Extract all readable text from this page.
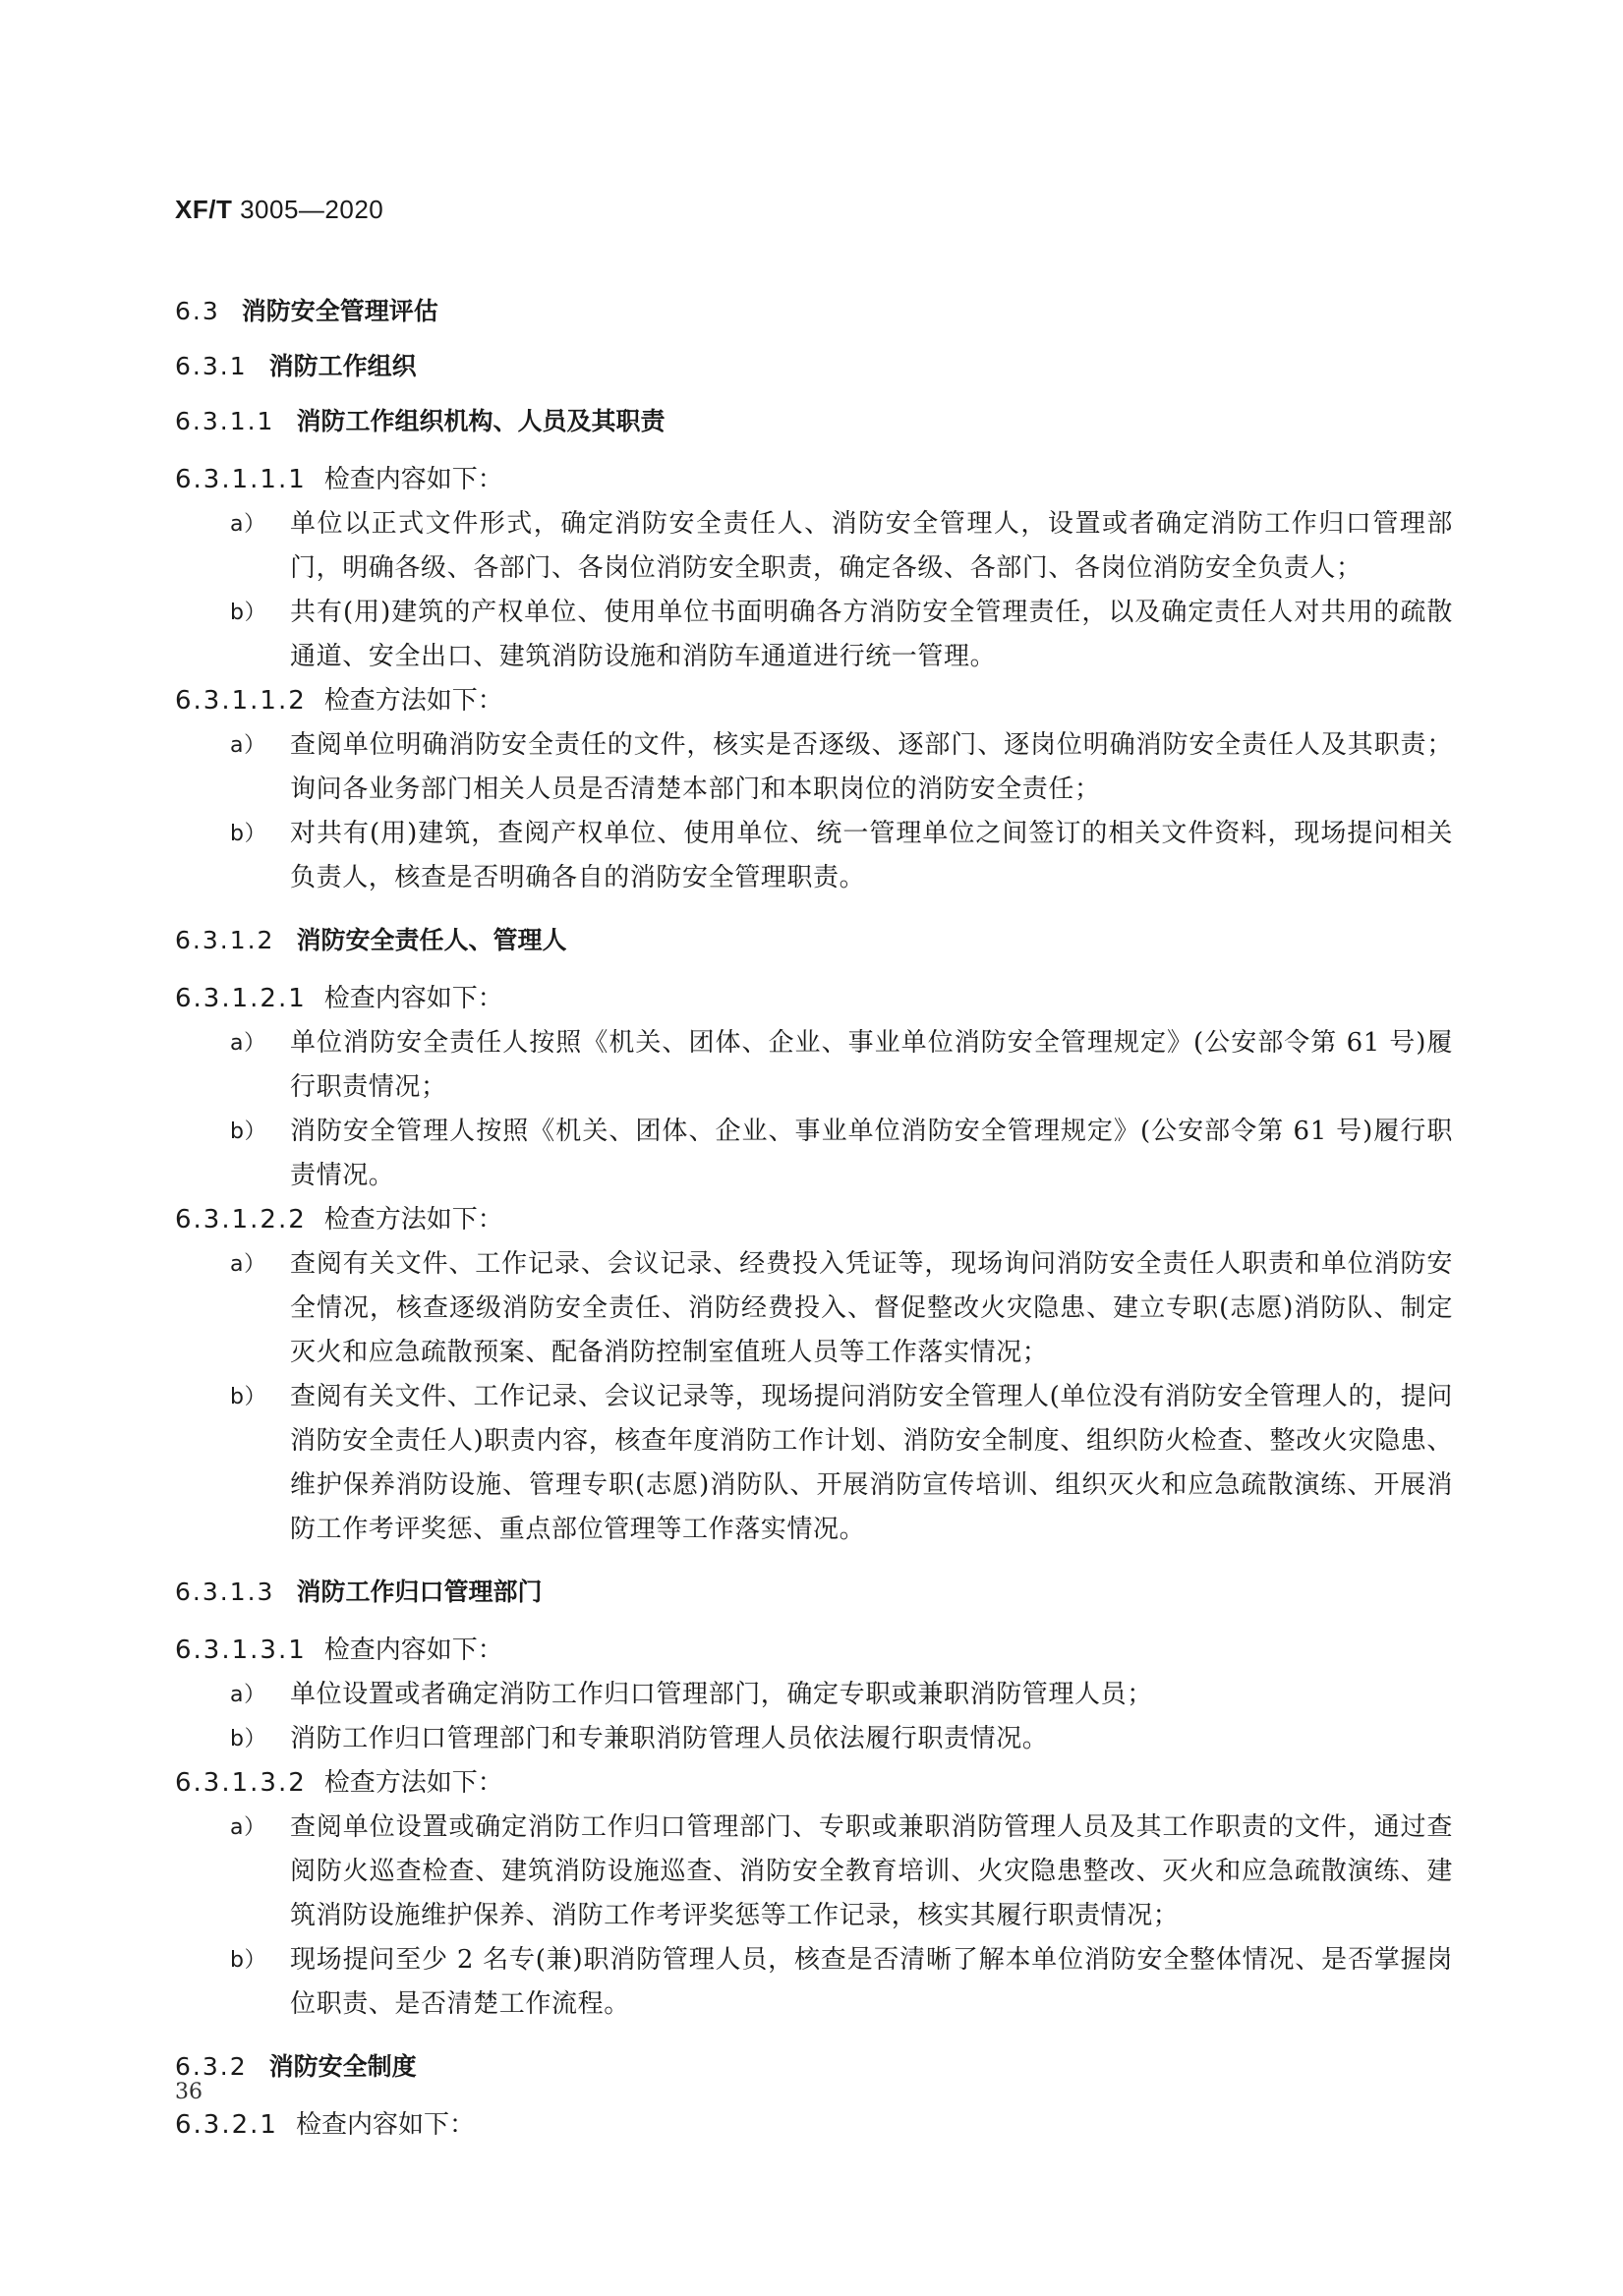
XF/T 3005—2020
6.3 消防安全管理评估
6.3.1 消防工作组织
6.3.1.1 消防工作组织机构、人员及其职责
6.3.1.1.1 检查内容如下：
a） 单位以正式文件形式，确定消防安全责任人、消防安全管理人，设置或者确定消防工作归口管理部门，明确各级、各部门、各岗位消防安全职责，确定各级、各部门、各岗位消防安全负责人；
b） 共有(用)建筑的产权单位、使用单位书面明确各方消防安全管理责任，以及确定责任人对共用的疏散通道、安全出口、建筑消防设施和消防车通道进行统一管理。
6.3.1.1.2 检查方法如下：
a） 查阅单位明确消防安全责任的文件，核实是否逐级、逐部门、逐岗位明确消防安全责任人及其职责；询问各业务部门相关人员是否清楚本部门和本职岗位的消防安全责任；
b） 对共有(用)建筑，查阅产权单位、使用单位、统一管理单位之间签订的相关文件资料，现场提问相关负责人，核查是否明确各自的消防安全管理职责。
6.3.1.2 消防安全责任人、管理人
6.3.1.2.1 检查内容如下：
a） 单位消防安全责任人按照《机关、团体、企业、事业单位消防安全管理规定》(公安部令第 61 号)履行职责情况；
b） 消防安全管理人按照《机关、团体、企业、事业单位消防安全管理规定》(公安部令第 61 号)履行职责情况。
6.3.1.2.2 检查方法如下：
a） 查阅有关文件、工作记录、会议记录、经费投入凭证等，现场询问消防安全责任人职责和单位消防安全情况，核查逐级消防安全责任、消防经费投入、督促整改火灾隐患、建立专职(志愿)消防队、制定灭火和应急疏散预案、配备消防控制室值班人员等工作落实情况；
b） 查阅有关文件、工作记录、会议记录等，现场提问消防安全管理人(单位没有消防安全管理人的，提问消防安全责任人)职责内容，核查年度消防工作计划、消防安全制度、组织防火检查、整改火灾隐患、维护保养消防设施、管理专职(志愿)消防队、开展消防宣传培训、组织灭火和应急疏散演练、开展消防工作考评奖惩、重点部位管理等工作落实情况。
6.3.1.3 消防工作归口管理部门
6.3.1.3.1 检查内容如下：
a） 单位设置或者确定消防工作归口管理部门，确定专职或兼职消防管理人员；
b） 消防工作归口管理部门和专兼职消防管理人员依法履行职责情况。
6.3.1.3.2 检查方法如下：
a） 查阅单位设置或确定消防工作归口管理部门、专职或兼职消防管理人员及其工作职责的文件，通过查阅防火巡查检查、建筑消防设施巡查、消防安全教育培训、火灾隐患整改、灭火和应急疏散演练、建筑消防设施维护保养、消防工作考评奖惩等工作记录，核实其履行职责情况；
b） 现场提问至少 2 名专(兼)职消防管理人员，核查是否清晰了解本单位消防安全整体情况、是否掌握岗位职责、是否清楚工作流程。
6.3.2 消防安全制度
6.3.2.1 检查内容如下：
36
